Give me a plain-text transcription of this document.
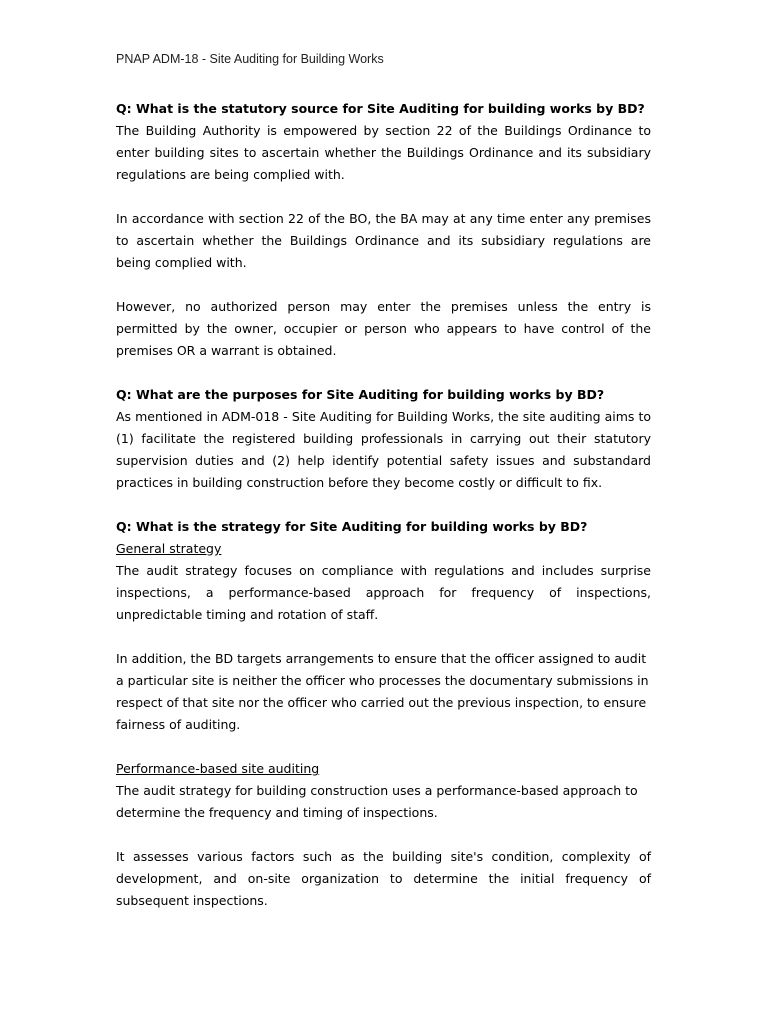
PNAP ADM-18 - Site Auditing for Building Works

Q: What is the statutory source for Site Auditing for building works by BD?

The Building Authority is empowered by section 22 of the Buildings Ordinance to enter building sites to ascertain whether the Buildings Ordinance and its subsidiary regulations are being complied with.

In accordance with section 22 of the BO, the BA may at any time enter any premises to ascertain whether the Buildings Ordinance and its subsidiary regulations are being complied with.

However, no authorized person may enter the premises unless the entry is permitted by the owner, occupier or person who appears to have control of the premises OR a warrant is obtained.

Q: What are the purposes for Site Auditing for building works by BD?

As mentioned in ADM-018 - Site Auditing for Building Works, the site auditing aims to (1) facilitate the registered building professionals in carrying out their statutory supervision duties and (2) help identify potential safety issues and substandard practices in building construction before they become costly or difficult to fix.

Q: What is the strategy for Site Auditing for building works by BD?

General strategy

The audit strategy focuses on compliance with regulations and includes surprise inspections, a performance-based approach for frequency of inspections, unpredictable timing and rotation of staff.

In addition, the BD targets arrangements to ensure that the officer assigned to audit a particular site is neither the officer who processes the documentary submissions in respect of that site nor the officer who carried out the previous inspection, to ensure fairness of auditing.

Performance-based site auditing

The audit strategy for building construction uses a performance-based approach to determine the frequency and timing of inspections.

It assesses various factors such as the building site's condition, complexity of development, and on-site organization to determine the initial frequency of subsequent inspections.
